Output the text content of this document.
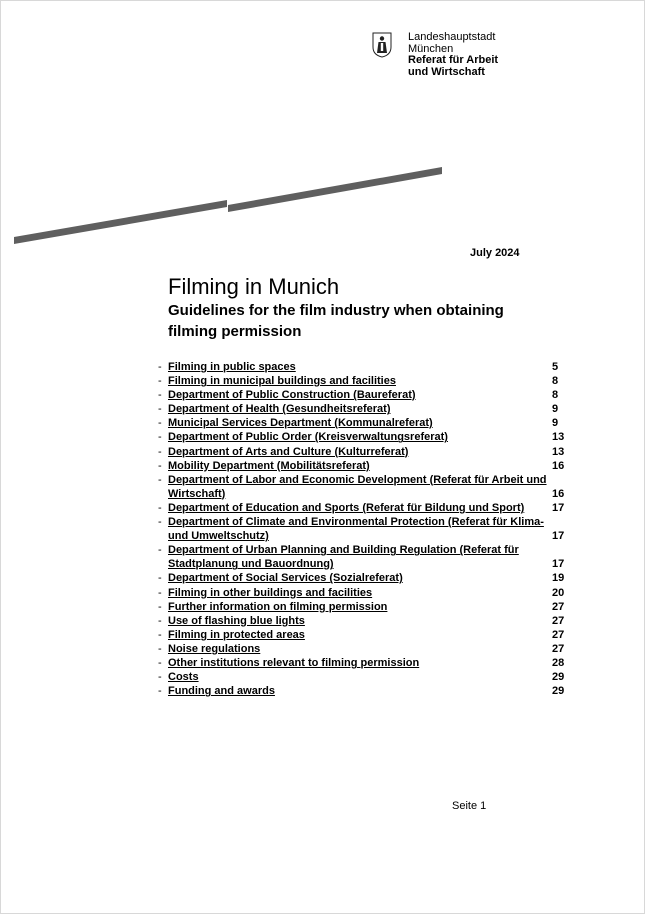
Landeshauptstadt
München
Referat für Arbeit
und Wirtschaft
July 2024
Filming in Munich
Guidelines for the film industry when obtaining filming permission
- Filming in public spaces	5
- Filming in municipal buildings and facilities	8
- Department of Public Construction (Baureferat)	8
- Department of Health (Gesundheitsreferat)	9
- Municipal Services Department (Kommunalreferat)	9
- Department of Public Order (Kreisverwaltungsreferat)	13
- Department of Arts and Culture (Kulturreferat)	13
- Mobility Department (Mobilitätsreferat)	16
- Department of Labor and Economic Development (Referat für Arbeit und Wirtschaft)	16
- Department of Education and Sports (Referat für Bildung und Sport)	17
- Department of Climate and Environmental Protection (Referat für Klima- und Umweltschutz)	17
- Department of Urban Planning and Building Regulation (Referat für Stadtplanung und Bauordnung)	17
- Department of Social Services (Sozialreferat)	19
- Filming in other buildings and facilities	20
- Further information on filming permission	27
- Use of flashing blue lights	27
- Filming in protected areas	27
- Noise regulations	27
- Other institutions relevant to filming permission	28
- Costs	29
- Funding and awards	29
Seite 1
